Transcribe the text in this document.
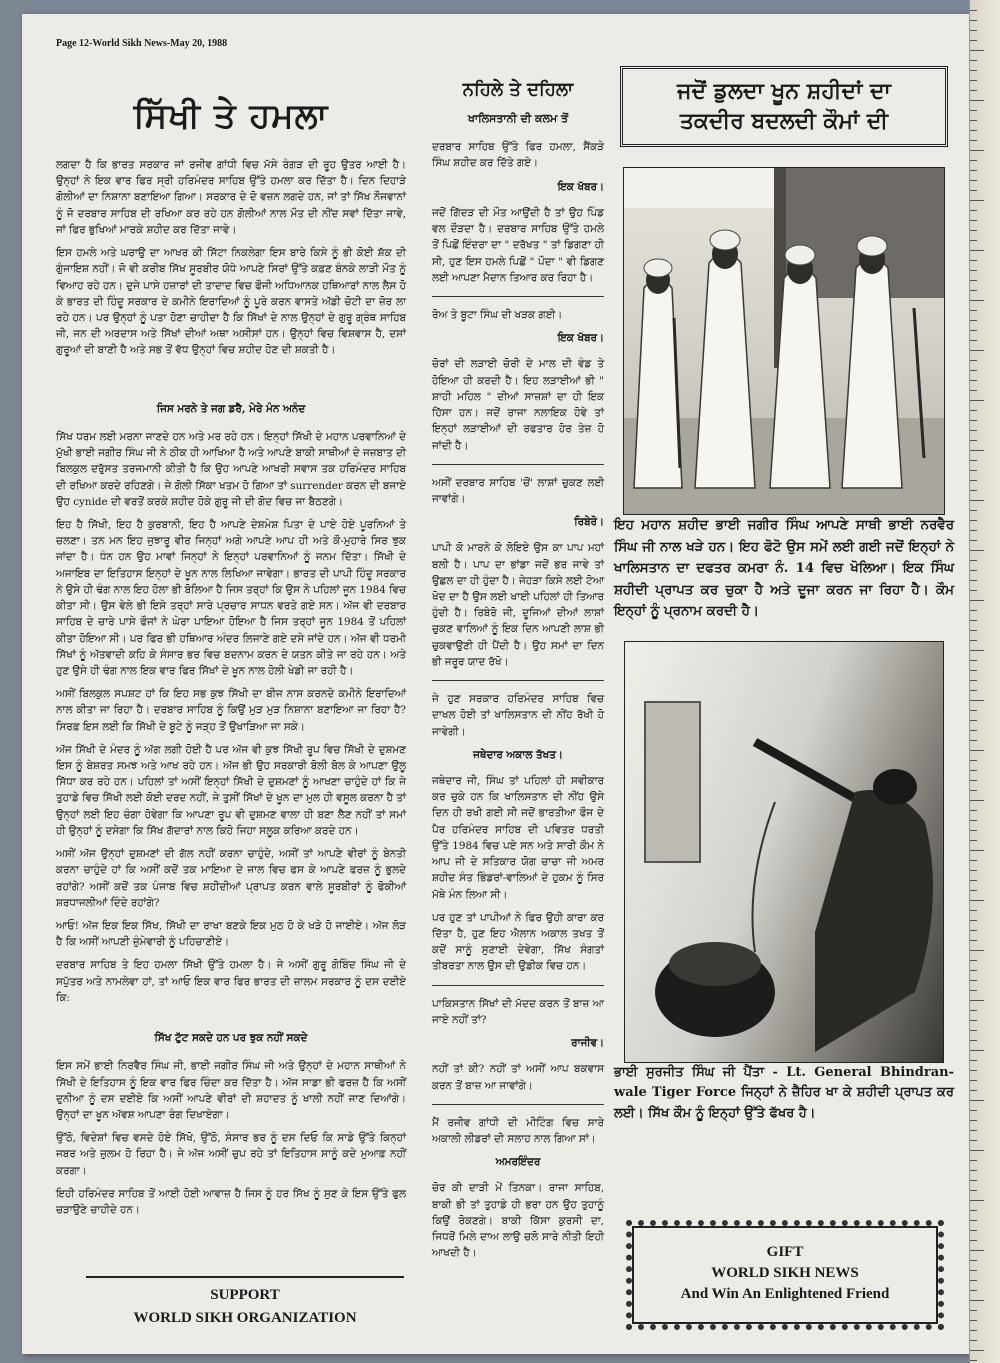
Page 12-World Sikh News-May 20, 1988
ਸਿੱਖੀ ਤੇ ਹਮਲਾ

ਲਗਦਾ ਹੈ ਕਿ ਭਾਰਤ ਸਰਕਾਰ ਜਾਂ ਰਜੀਵ ਗਾਂਧੀ ਵਿਚ ਮੱਸੇ ਰੰਗੜ ਦੀ ਰੂਹ ਉਤਰ ਆਈ ਹੈ। ਉਨ੍ਹਾਂ ਨੇ ਇਕ ਵਾਰ ਫਿਰ ਸ੍ਰੀ ਹਰਿਮੰਦਰ ਸਾਹਿਬ ਉੱਤੇ ਹਮਲਾ ਕਰ ਦਿੱਤਾ ਹੈ। ਦਿਨ ਦਿਹਾੜੇ ਗੋਲੀਆਂ ਦਾ ਨਿਸ਼ਾਨਾ ਬਣਾਇਆ ਗਿਆ। ਸਰਕਾਰ ਦੇ ਦੋ ਵਜ਼ਨ ਲਗਦੇ ਹਨ, ਜਾਂ ਤਾਂ ਸਿੱਖ ਨੌਜਵਾਨਾਂ ਨੂੰ ਜੋ ਦਰਬਾਰ ਸਾਹਿਬ ਦੀ ਰਖਿਆ ਕਰ ਰਹੇ ਹਨ ਗੋਲੀਆਂ ਨਾਲ ਮੌਤ ਦੀ ਨੀਂਦ ਸਵਾਂ ਦਿੱਤਾ ਜਾਵੇ, ਜਾਂ ਫਿਰ ਭੁਖਿਆਂ ਮਾਰਕੇ ਸ਼ਹੀਦ ਕਰ ਦਿੱਤਾ ਜਾਵੇ।

ਇਸ ਹਮਲੇ ਅਤੇ ਘਰਾਉ ਦਾ ਆਖਰ ਕੀ ਸਿੱਟਾ ਨਿਕਲੇਗਾ ਇਸ ਬਾਰੇ ਕਿਸੇ ਨੂੰ ਭੀ ਕੋਈ ਸ਼ੱਕ ਦੀ ਗੁੰਜਾਇਸ਼ ਨਹੀਂ। ਜੋ ਵੀ ਕਰੀਬ ਸਿੱਖ ਸੂਰਬੀਰ ਯੋਧੇ ਆਪਣੇ ਸਿਰਾਂ ਉੱਤੇ ਕਫ਼ਣ ਬੰਨਕੇ ਲਾੜੀ ਮੌਤ ਨੂੰ ਵਿਆਹ ਰਹੇ ਹਨ। ਦੁਜੇ ਪਾਸੇ ਹਜ਼ਾਰਾਂ ਦੀ ਤਾਦਾਦ ਵਿਚ ਫੌਜੀ ਅਧਿਆਨਕ ਹਥਿਆਰਾਂ ਨਾਲ ਲੈਸ ਹੋ ਕੇ ਭਾਰਤ ਦੀ ਹਿੰਦੂ ਸਰਕਾਰ ਦੇ ਕਮੀਨੇ ਇਰਾਦਿਆਂ ਨੂੰ ਪੂਰੇ ਕਰਨ ਵਾਸਤੇ ਅੱਡੀ ਚੋਟੀ ਦਾ ਜ਼ੋਰ ਲਾ ਰਹੇ ਹਨ। ਪਰ ਉਨ੍ਹਾਂ ਨੂੰ ਪਤਾ ਹੋਣਾ ਚਾਹੀਦਾ ਹੈ ਕਿ ਸਿੱਖਾਂ ਦੇ ਨਾਲ ਉਨ੍ਹਾਂ ਦੇ ਗੁਰੂ ਗ੍ਰੰਥ ਸਾਹਿਬ ਜੀ, ਜਨ ਦੀ ਅਰਦਾਸ ਅਤੇ ਸਿੱਖਾਂ ਦੀਆਂ ਅਥਾ ਅਸੀਸਾਂ ਹਨ। ਉਨ੍ਹਾਂ ਵਿਚ ਵਿਸ਼ਵਾਸ ਹੈ, ਦਸਾਂ ਗੁਰੂਆਂ ਦੀ ਬਾਣੀ ਹੈ ਅਤੇ ਸਭ ਤੋਂ ਵੱਧ ਉਨ੍ਹਾਂ ਵਿਚ ਸ਼ਹੀਦ ਹੋਣ ਦੀ ਸ਼ਕਤੀ ਹੈ।

ਜਿਸ ਮਰਨੇ ਤੇ ਜਗ ਡਰੈ, ਮੇਰੇ ਮੰਨ ਅਨੰਦ

ਸਿੱਖ ਧਰਮ ਲਈ ਮਰਨਾ ਜਾਣਦੇ ਹਨ ਅਤੇ ਮਰ ਰਹੇ ਹਨ। ਇਨ੍ਹਾਂ ਸਿੱਖੀ ਦੇ ਮਹਾਨ ਪਰਵਾਨਿਆਂ ਦੇ ਮੁੱਖੀ ਭਾਈ ਜਗੀਰ ਸਿੰਘ ਜੀ ਨੇ ਠੀਕ ਹੀ ਆਖਿਆ ਹੈ ਅਤੇ ਆਪਣੇ ਬਾਕੀ ਸਾਥੀਆਂ ਦੇ ਜਜ਼ਬਾਤ ਦੀ ਬਿਲਕੁਲ ਦਰੁੱਸਤ ਤਰਜਮਾਨੀ ਕੀਤੀ ਹੈ ਕਿ ਉਹ ਆਪਣੇ ਆਖਰੀ ਸਵਾਸ ਤਕ ਹਰਿਮੰਦਰ ਸਾਹਿਬ ਦੀ ਰਖਿਆ ਕਰਦੇ ਰਹਿਣਗੇ। ਜੇ ਗੋਲੀ ਸਿੱਕਾ ਖਤਮ ਹੋ ਗਿਆ ਤਾਂ surrender ਕਰਨ ਦੀ ਬਜਾਏ ਉਹ cynide ਦੀ ਵਰਤੋਂ ਕਰਕੇ ਸ਼ਹੀਦ ਹੋਕੇ ਗੁਰੂ ਜੀ ਦੀ ਗੋਦ ਵਿਚ ਜਾ ਬੈਠਣਗੇ।

ਇਹ ਹੈ ਸਿੱਖੀ, ਇਹ ਹੈ ਕੁਰਬਾਨੀ, ਇਹ ਹੈ ਆਪਣੇ ਦੇਸ਼ਮੇਸ਼ ਪਿਤਾ ਦੇ ਪਾਏ ਹੋਏ ਪੂਰਨਿਆਂ ਤੇ ਚਲਣਾ। ਤਨ ਮਨ ਇਹ ਜੁਝਾਰੂ ਵੀਰ ਜਿਨ੍ਹਾਂ ਅਗੇ ਆਪਣੇ ਆਪ ਹੀ ਅਤੇ ਕੌ-ਮੁਹਾਰੇ ਸਿਰ ਝੁਕ ਜਾਂਦਾ ਹੈ। ਧੰਨ ਹਨ ਉਹ ਮਾਵਾਂ ਜਿਨ੍ਹਾਂ ਨੇ ਇਨ੍ਹਾਂ ਪਰਵਾਨਿਆਂ ਨੂੰ ਜਨਮ ਦਿੱਤਾ। ਸਿੱਖੀ ਦੇ ਅਜਾਇਬ ਦਾ ਇਤਿਹਾਸ ਇਨ੍ਹਾਂ ਦੇ ਖੂਨ ਨਾਲ ਲਿਖਿਆ ਜਾਵੇਗਾ। ਭਾਰਤ ਦੀ ਪਾਪੀ ਹਿੰਦੂ ਸਰਕਾਰ ਨੇ ਉਸੇ ਹੀ ਢੰਗ ਨਾਲ ਇਹ ਹੋਲਾ ਭੀ ਬੋਲਿਆ ਹੈ ਜਿਸ ਤਰ੍ਹਾਂ ਕਿ ਉਸ ਨੇ ਪਹਿਲਾਂ ਜੂਨ 1984 ਵਿਚ ਕੀਤਾ ਸੀ। ਉਸ ਵੇਲੇ ਭੀ ਇਸੇ ਤਰ੍ਹਾਂ ਸਾਰੇ ਪ੍ਰਚਾਰ ਸਾਧਨ ਵਰਤੇ ਗਏ ਸਨ। ਅੱਜ ਵੀ ਦਰਬਾਰ ਸਾਹਿਬ ਦੇ ਚਾਰੇ ਪਾਸੇ ਫੌਜਾਂ ਨੇ ਘੇਰਾ ਪਾਇਆ ਹੋਇਆ ਹੈ ਜਿਸ ਤਰ੍ਹਾਂ ਜੂਨ 1984 ਤੋਂ ਪਹਿਲਾਂ ਕੀਤਾ ਹੋਇਆ ਸੀ। ਪਰ ਫਿਰ ਭੀ ਹਥਿਆਰ ਅੰਦਰ ਲਿਜਾਣੇ ਗਏ ਦਸੇ ਜਾਂਦੇ ਹਨ। ਅੱਜ ਵੀ ਧਰਮੀ ਸਿੱਖਾਂ ਨੂੰ ਅੱਤਵਾਦੀ ਕਹਿ ਕੇ ਸੰਸਾਰ ਭਰ ਵਿਚ ਬਦਨਾਮ ਕਰਨ ਦੇ ਯਤਨ ਕੀਤੇ ਜਾ ਰਹੇ ਹਨ। ਅਤੇ ਹੁਣ ਉਸੇ ਹੀ ਢੰਗ ਨਾਲ ਇਕ ਵਾਰ ਫਿਰ ਸਿੱਖਾਂ ਦੇ ਖੂਨ ਨਾਲ ਹੋਲੀ ਖੇਡੀ ਜਾ ਰਹੀ ਹੈ।

ਅਸੀਂ ਬਿਲਕੁਲ ਸਪਸ਼ਟ ਹਾਂ ਕਿ ਇਹ ਸਭ ਕੁਝ ਸਿੱਖੀ ਦਾ ਬੀਜ ਨਾਸ ਕਰਨਦੇ ਕਮੀਨੇ ਇਰਾਦਿਆਂ ਨਾਲ ਕੀਤਾ ਜਾ ਰਿਹਾ ਹੈ। ਦਰਬਾਰ ਸਾਹਿਬ ਨੂੰ ਕਿਉਂ ਮੁੜ ਮੁੜ ਨਿਸ਼ਾਨਾ ਬਣਾਇਆ ਜਾ ਰਿਹਾ ਹੈ? ਸਿਰਫ਼ ਇਸ ਲਈ ਕਿ ਸਿੱਖੀ ਦੇ ਬੂਟੇ ਨੂੰ ਜੜ੍ਹ ਤੋਂ ਉਖਾੜਿਆ ਜਾ ਸਕੇ।

ਅੱਜ ਸਿੱਖੀ ਦੇ ਮੰਦਰ ਨੂੰ ਅੱਗ ਲਗੀ ਹੋਈ ਹੈ ਪਰ ਅੱਜ ਵੀ ਕੁਝ ਸਿੱਖੀ ਰੂਪ ਵਿਚ ਸਿੱਖੀ ਦੇ ਦੁਸ਼ਮਣ ਇਸ ਨੂੰ ਬੇਸ਼ਰਤ ਸਮਝ ਅਤੇ ਆਖ ਰਹੇ ਹਨ। ਅੱਜ ਭੀ ਉਹ ਸਰਕਾਰੀ ਬੋਲੀ ਬੋਲ ਕੇ ਆਪਣਾ ਉਲੂ ਸਿੱਧਾ ਕਰ ਰਹੇ ਹਨ। ਪਹਿਲਾਂ ਤਾਂ ਅਸੀਂ ਇਨ੍ਹਾਂ ਸਿੱਖੀ ਦੇ ਦੁਸ਼ਮਣਾਂ ਨੂੰ ਆਖਣਾ ਚਾਹੁੰਦੇ ਹਾਂ ਕਿ ਜੇ ਤੁਹਾਡੇ ਵਿਚ ਸਿੱਖੀ ਲਈ ਕੋਈ ਦਰਦ ਨਹੀਂ, ਜੇ ਤੁਸੀਂ ਸਿੱਖਾਂ ਦੇ ਖੂਨ ਦਾ ਮੁਲ ਹੀ ਵਸੂਲ ਕਰਨਾ ਹੈ ਤਾਂ ਉਨ੍ਹਾਂ ਲਈ ਇਹ ਚੰਗਾ ਹੋਵੇਗਾ ਕਿ ਆਪਣਾ ਰੂਪ ਵੀ ਦੁਸ਼ਮਣ ਵਾਲਾ ਹੀ ਬਣਾ ਲੈਣ ਨਹੀਂ ਤਾਂ ਸਮਾਂ ਹੀ ਉਨ੍ਹਾਂ ਨੂੰ ਦਸੇਗਾ ਕਿ ਸਿੱਖ ਗੱਦਾਰਾਂ ਨਾਲ ਕਿਹੋ ਜਿਹਾ ਸਲੂਕ ਕਰਿਆ ਕਰਦੇ ਹਨ।

ਅਸੀਂ ਅੱਜ ਉਨ੍ਹਾਂ ਦੁਸ਼ਮਣਾਂ ਦੀ ਗੱਲ ਨਹੀਂ ਕਰਨਾ ਚਾਹੁੰਦੇ, ਅਸੀਂ ਤਾਂ ਆਪਣੇ ਵੀਰਾਂ ਨੂੰ ਬੇਨਤੀ ਕਰਨਾ ਚਾਹੁੰਦੇ ਹਾਂ ਕਿ ਅਸੀਂ ਕਦੋਂ ਤਕ ਮਾਇਆ ਦੇ ਜਾਲ ਵਿਚ ਫਸ ਕੇ ਆਪਣੇ ਫਰਜ਼ ਨੂੰ ਭੁਲਦੇ ਰਹਾਂਗੇ? ਅਸੀਂ ਕਦੋਂ ਤਕ ਪੰਜਾਬ ਵਿਚ ਸ਼ਹੀਦੀਆਂ ਪ੍ਰਾਪਤ ਕਰਨ ਵਾਲੇ ਸੂਰਬੀਰਾਂ ਨੂੰ ਫੋਕੀਆਂ ਸ਼ਰਧਾਜਲੀਆਂ ਦਿੰਦੇ ਰਹਾਂਗੇ?

ਆਓ! ਅੱਜ ਇਕ ਇਕ ਸਿੱਖ, ਸਿੱਖੀ ਦਾ ਰਾਖਾ ਬਣਕੇ ਇਕ ਮੁਠ ਹੋ ਕੇ ਖੜੇ ਹੋ ਜਾਈਏ। ਅੱਜ ਲੋੜ ਹੈ ਕਿ ਅਸੀਂ ਆਪਣੀ ਜ਼ੁੰਮੇਵਾਰੀ ਨੂੰ ਪਹਿਚਾਣੀਏ।

ਦਰਬਾਰ ਸਾਹਿਬ ਤੇ ਇਹ ਹਮਲਾ ਸਿੱਖੀ ਉੱਤੇ ਹਮਲਾ ਹੈ। ਜੇ ਅਸੀਂ ਗੁਰੂ ਗੋਬਿੰਦ ਸਿੰਘ ਜੀ ਦੇ ਸਪੁੱਤਰ ਅਤੇ ਨਾਮਲੇਵਾ ਹਾਂ, ਤਾਂ ਆਓ ਇਕ ਵਾਰ ਫਿਰ ਭਾਰਤ ਦੀ ਜ਼ਾਲਮ ਸਰਕਾਰ ਨੂੰ ਦਸ ਦਈਏ ਕਿ:

ਸਿੱਖ ਟੁੱਟ ਸਕਦੇ ਹਨ ਪਰ ਝੁਕ ਨਹੀਂ ਸਕਦੇ

ਇਸ ਸਮੇਂ ਭਾਈ ਨਿਰਵੈਰ ਸਿੰਘ ਜੀ, ਭਾਈ ਜਗੀਰ ਸਿੰਘ ਜੀ ਅਤੇ ਉਨ੍ਹਾਂ ਦੇ ਮਹਾਨ ਸਾਥੀਆਂ ਨੇ ਸਿੱਖੀ ਦੇ ਇਤਿਹਾਸ ਨੂੰ ਇਕ ਵਾਰ ਫਿਰ ਚਿੰਦਾ ਕਰ ਦਿੱਤਾ ਹੈ। ਅੱਜ ਸਾਡਾ ਭੀ ਫਰਜ਼ ਹੈ ਕਿ ਅਸੀਂ ਦੁਨੀਆ ਨੂੰ ਦਸ ਦਈਏ ਕਿ ਅਸੀਂ ਆਪਣੇ ਵੀਰਾਂ ਦੀ ਸ਼ਹਾਦਤ ਨੂੰ ਖਾਲੀ ਨਹੀਂ ਜਾਣ ਦਿਆਂਗੇ। ਉਨ੍ਹਾਂ ਦਾ ਖੂਨ ਅੱਵਸ਼ ਆਪਣਾ ਰੰਗ ਦਿਖਾਏਗਾ।

ਉੱਠੋ, ਵਿਦੇਸ਼ਾਂ ਵਿਚ ਵਸਦੇ ਹੋਏ ਸਿੱਖੋ, ਉੱਠੋ, ਸੰਸਾਰ ਭਰ ਨੂੰ ਦਸ ਦਿਓ ਕਿ ਸਾਡੇ ਉੱਤੇ ਕਿਨ੍ਹਾਂ ਜਬਰ ਅਤੇ ਜ਼ੁਲਮ ਹੋ ਰਿਹਾ ਹੈ। ਜੇ ਅੱਜ ਅਸੀਂ ਚੁਪ ਰਹੇ ਤਾਂ ਇਤਿਹਾਸ ਸਾਨੂੰ ਕਦੇ ਮੁਆਫ਼ ਨਹੀਂ ਕਰਗਾ।

ਇਹੀ ਹਰਿਮੰਦਰ ਸਾਹਿਬ ਤੋਂ ਆਈ ਹੋਈ ਆਵਾਜ਼ ਹੈ ਜਿਸ ਨੂੰ ਹਰ ਸਿੱਖ ਨੂੰ ਸੁਣ ਕੇ ਇਸ ਉੱਤੇ ਫੁਲ ਚੜਾਉਣੇ ਚਾਹੀਦੇ ਹਨ।

SUPPORT
WORLD SIKH ORGANIZATION
ਨਹਿਲੇ ਤੇ ਦਹਿਲਾ
ਖਾਲਿਸਤਾਨੀ ਦੀ ਕਲਮ ਤੋਂ

ਦਰਬਾਰ ਸਾਹਿਬ ਉੱਤੇ ਫਿਰ ਹਮਲਾ, ਸੈਂਕੜੇ ਸਿੰਘ ਸ਼ਹੀਦ ਕਰ ਦਿੱਤੇ ਗਏ।

ਇਕ ਖੱਬਰ।

ਜਦੋਂ ਗਿੱਦੜ ਦੀ ਮੌਤ ਆਉਂਦੀ ਹੈ ਤਾਂ ਉਹ ਪਿੰਡ ਵਲ ਦੌੜਦਾ ਹੈ। ਦਰਬਾਰ ਸਾਹਿਬ ਉੱਤੇ ਹਮਲੇ ਤੋਂ ਪਿਛੋਂ ਇੰਦਰਾ ਦਾ " ਦਰੱਖਤ " ਤਾਂ ਡਿਗਣਾ ਹੀ ਸੀ, ਹੁਣ ਇਸ ਹਮਲੇ ਪਿਛੋਂ " ਪੌਦਾ " ਵੀ ਡਿਗਣ ਲਈ ਆਪਣਾ ਮੈਦਾਨ ਤਿਆਰ ਕਰ ਰਿਹਾ ਹੈ।

ਰੋਅ ਤੇ ਬੂਟਾ ਸਿੰਘ ਦੀ ਖੜਕ ਗਈ।

ਇਕ ਖੱਬਰ।

ਚੋਰਾਂ ਦੀ ਲੜਾਈ ਚੋਰੀ ਦੇ ਮਾਲ ਦੀ ਵੰਡ ਤੇ ਹੋਇਆ ਹੀ ਕਰਦੀ ਹੈ। ਇਹ ਲੜਾਈਆਂ ਭੀ " ਸ਼ਾਹੀ ਮਹਿਲ " ਦੀਆਂ ਸਾਜ਼ਸ਼ਾਂ ਦਾ ਹੀ ਇਕ ਹਿੱਸਾ ਹਨ। ਜਦੋਂ ਰਾਜਾ ਨਲਾਇਕ ਹੋਵੇ ਤਾਂ ਇਨ੍ਹਾਂ ਲੜਾਈਆਂ ਦੀ ਰਫਤਾਰ ਹੋਰ ਤੇਜ਼ ਹੋ ਜਾਂਦੀ ਹੈ।

ਅਸੀਂ ਦਰਬਾਰ ਸਾਹਿਬ 'ਚੋਂ' ਲਾਸ਼ਾਂ ਚੁਕਣ ਲਈ ਜਾਵਾਂਗੇ।

ਰਿਬੇਰੋ।

ਪਾਪੀ ਕੋ ਮਾਰਨੇ ਕੋ ਲੋਇਏ ਉਸ ਕਾ ਪਾਪ ਮਹਾਂ ਬਲੀ ਹੈ। ਪਾਪ ਦਾ ਭਾਂਡਾ ਜਦੋਂ ਭਰ ਜਾਵੇ ਤਾਂ ਉਛਲ ਦਾ ਹੀ ਹੁੰਦਾ ਹੈ। ਜੇਹੜਾ ਕਿਸੇ ਲਈ ਟੋਆ ਖੋਦ ਦਾ ਹੈ ਉਸ ਲਈ ਖਾਈ ਪਹਿਲਾਂ ਹੀ ਤਿਆਰ ਹੁੰਦੀ ਹੈ। ਰਿਬੇਰੋ ਜੀ, ਦੂਜਿਆਂ ਦੀਆਂ ਲਾਸ਼ਾਂ ਚੁਕਣ ਵਾਲਿਆਂ ਨੂੰ ਇਕ ਦਿਨ ਆਪਣੀ ਲਾਸ਼ ਭੀ ਚੁਕਵਾਉਣੀ ਹੀ ਪੈਂਦੀ ਹੈ। ਉਹ ਸਮਾਂ ਦਾ ਦਿਨ ਭੀ ਜਰੂਰ ਯਾਦ ਰੱਖੋ।

ਜੇ ਹੁਣ ਸਰਕਾਰ ਹਰਿਮੰਦਰ ਸਾਹਿਬ ਵਿਚ ਦਾਖਲ ਹੋਈ ਤਾਂ ਖਾਲਿਸਤਾਨ ਦੀ ਨੀਂਹ ਰੱਖੀ ਹੋ ਜਾਵੇਗੀ।

ਜਥੇਦਾਰ ਅਕਾਲ ਤੱਖਤ।

ਜਥੇਦਾਰ ਜੀ, ਸਿੰਘ ਤਾਂ ਪਹਿਲਾਂ ਹੀ ਸਵੀਕਾਰ ਕਰ ਚੁਕੇ ਹਨ ਕਿ ਖਾਲਿਸਤਾਨ ਦੀ ਨੀਂਹ ਉਸੇ ਦਿਨ ਹੀ ਰਖੀ ਗਈ ਸੀ ਜਦੋਂ ਭਾਰਤੀਆ ਫੌਜ ਦੇ ਪੈਰ ਹਰਿਮੰਦਰ ਸਾਹਿਬ ਦੀ ਪਵਿਤਰ ਧਰਤੀ ਉੱਤੇ 1984 ਵਿਚ ਪਏ ਸਨ ਅਤੇ ਸਾਰੀ ਕੌਮ ਨੇ ਆਪ ਜੀ ਦੇ ਸਤਿਕਾਰ ਯੋਗ ਚਾਚਾ ਜੀ ਅਮਰ ਸ਼ਹੀਦ ਸੰਤ ਭਿੰਡਰਾਂ-ਵਾਲਿਆਂ ਦੇ ਹੁਕਮ ਨੂੰ ਸਿਰ ਮੱਥੇ ਮੰਨ ਲਿਆ ਸੀ।

ਪਰ ਹੁਣ ਤਾਂ ਪਾਪੀਆਂ ਨੇ ਫਿਰ ਉਹੀ ਕਾਰਾ ਕਰ ਦਿੱਤਾ ਹੈ, ਹੁਣ ਇਹ ਐਲਾਨ ਅਕਾਲ ਤਖਤ ਤੋਂ ਕਦੋਂ ਸਾਨੂੰ ਸੁਣਾਈ ਦੇਵੇਗਾ, ਸਿੱਖ ਸੰਗਤਾਂ ਤੀਬਰਤਾ ਨਾਲ ਉਸ ਦੀ ਉਡੀਕ ਵਿਚ ਹਨ।

ਪਾਕਿਸਤਾਨ ਸਿੱਖਾਂ ਦੀ ਮੱਦਦ ਕਰਨ ਤੋਂ ਬਾਜ਼ ਆ ਜਾਏ ਨਹੀਂ ਤਾਂ?

ਰਾਜੀਵ।

ਨਹੀਂ ਤਾਂ ਕੀ? ਨਹੀਂ ਤਾਂ ਅਸੀਂ ਆਪ ਬਕਵਾਸ ਕਰਨ ਤੋਂ ਬਾਜ਼ ਆ ਜਾਵਾਂਗੇ।

ਮੈਂ ਰਜੀਵ ਗਾਂਧੀ ਦੀ ਮੀਟਿੰਗ ਵਿਚ ਸਾਰੇ ਅਕਾਲੀ ਲੀਡਰਾਂ ਦੀ ਸਲਾਹ ਨਾਲ ਗਿਆ ਸਾਂ।

ਅਮਰਇੰਦਰ

ਚੋਰ ਕੀ ਦਾੜੀ ਮੇਂ ਤਿਨਕਾ। ਰਾਜਾ ਸਾਹਿਬ, ਬਾਕੀ ਭੀ ਤਾਂ ਤੁਹਾਡੇ ਹੀ ਭਰਾ ਹਨ ਉਹ ਤੁਹਾਨੂੰ ਕਿਉਂ ਰੋਕਣਗੇ। ਬਾਕੀ ਕਿੱਸਾ ਕੁਰਸੀ ਦਾ, ਜਿਧਰੋਂ ਮਿਲੇ ਦਾਅ ਲਾਉ ਚਲੋ ਸਾਰੇ ਨੀਤੀ ਇਹੀ ਆਖਦੀ ਹੈ।

ਜਦੋਂ ਡੁਲਦਾ ਖੂਨ ਸ਼ਹੀਦਾਂ ਦਾ
ਤਕਦੀਰ ਬਦਲਦੀ ਕੌਮਾਂ ਦੀ

ਇਹ ਮਹਾਨ ਸ਼ਹੀਦ ਭਾਈ ਜਗੀਰ ਸਿੰਘ ਆਪਣੇ ਸਾਥੀ ਭਾਈ ਨਰਵੈਰ ਸਿੰਘ ਜੀ ਨਾਲ ਖੜੇ ਹਨ। ਇਹ ਫੋਟੋ ਉਸ ਸਮੇਂ ਲਈ ਗਈ ਜਦੋਂ ਇਨ੍ਹਾਂ ਨੇ ਖਾਲਿਸਤਾਨ ਦਾ ਦਫਤਰ ਕਮਰਾ ਨੰ. 14 ਵਿਚ ਖੋਲਿਆ। ਇਕ ਸਿੰਘ ਸ਼ਹੀਦੀ ਪ੍ਰਾਪਤ ਕਰ ਚੁਕਾ ਹੈ ਅਤੇ ਦੂਜਾ ਕਰਨ ਜਾ ਰਿਹਾ ਹੈ। ਕੌਮ ਇਨ੍ਹਾਂ ਨੂੰ ਪ੍ਰਨਾਮ ਕਰਦੀ ਹੈ।

ਭਾਈ ਸੁਰਜੀਤ ਸਿੰਘ ਜੀ ਪੈਂਤਾ - Lt. General Bhindran-wale Tiger Force ਜਿਨ੍ਹਾਂ ਨੇ ਜ਼ੈਹਿਰ ਖਾ ਕੇ ਸ਼ਹੀਦੀ ਪ੍ਰਾਪਤ ਕਰ ਲਈ। ਸਿੱਖ ਕੌਮ ਨੂੰ ਇਨ੍ਹਾਂ ਉੱਤੇ ਫੱਖਰ ਹੈ।

GIFT
WORLD SIKH NEWS
And Win An Enlightened Friend
